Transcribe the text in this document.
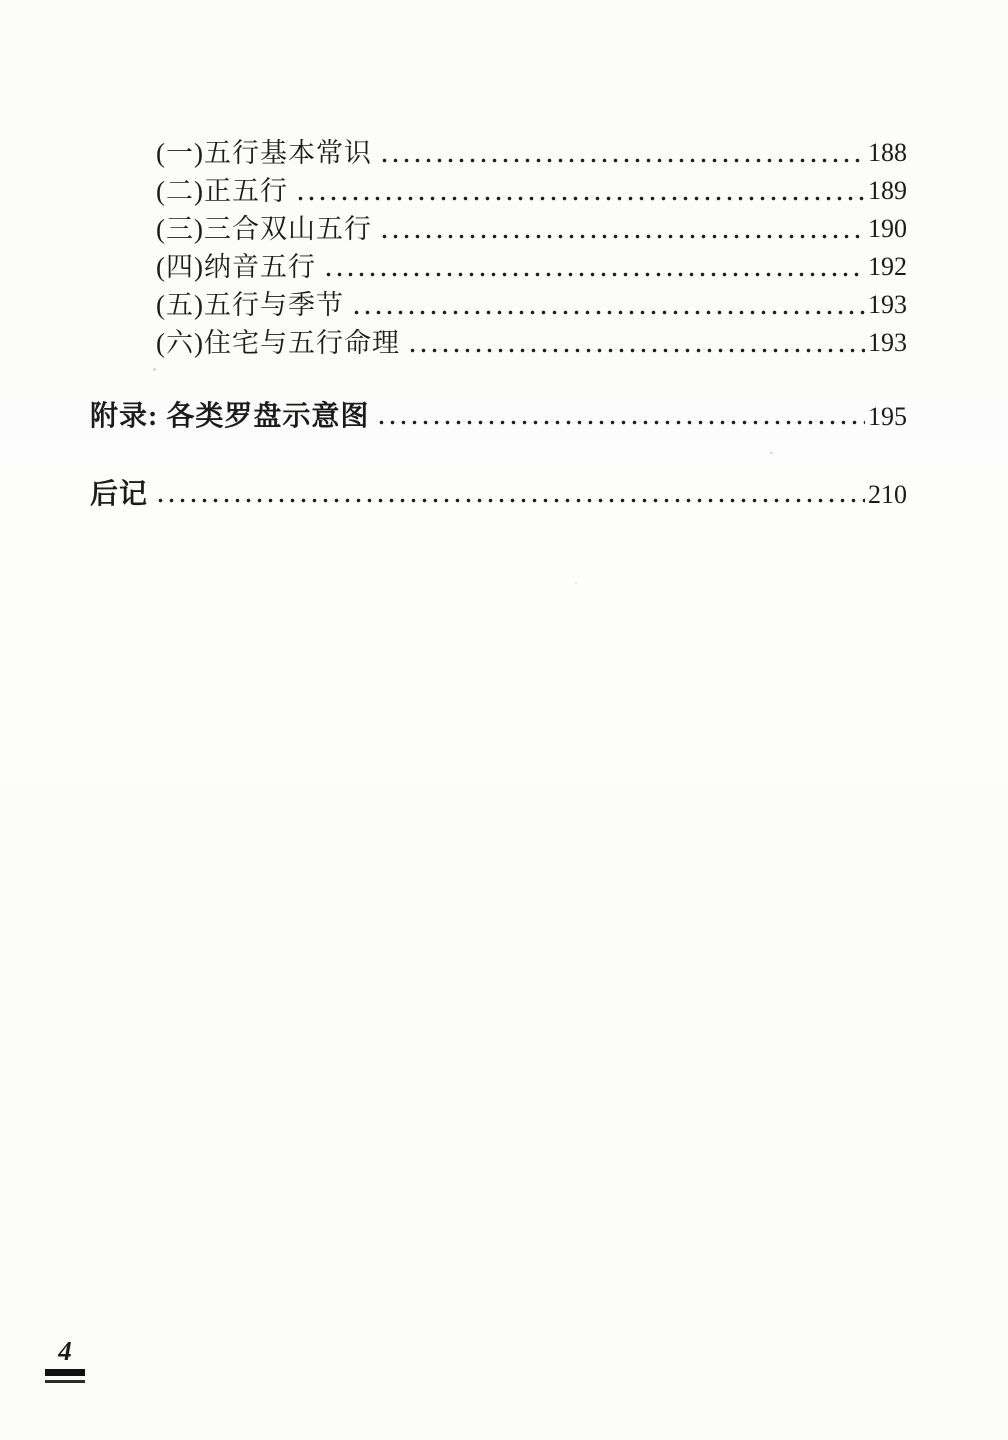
(一)五行基本常识	188
(二)正五行	189
(三)三合双山五行	190
(四)纳音五行	192
(五)五行与季节	193
(六)住宅与五行命理	193
附录: 各类罗盘示意图	195
后记	210
4
